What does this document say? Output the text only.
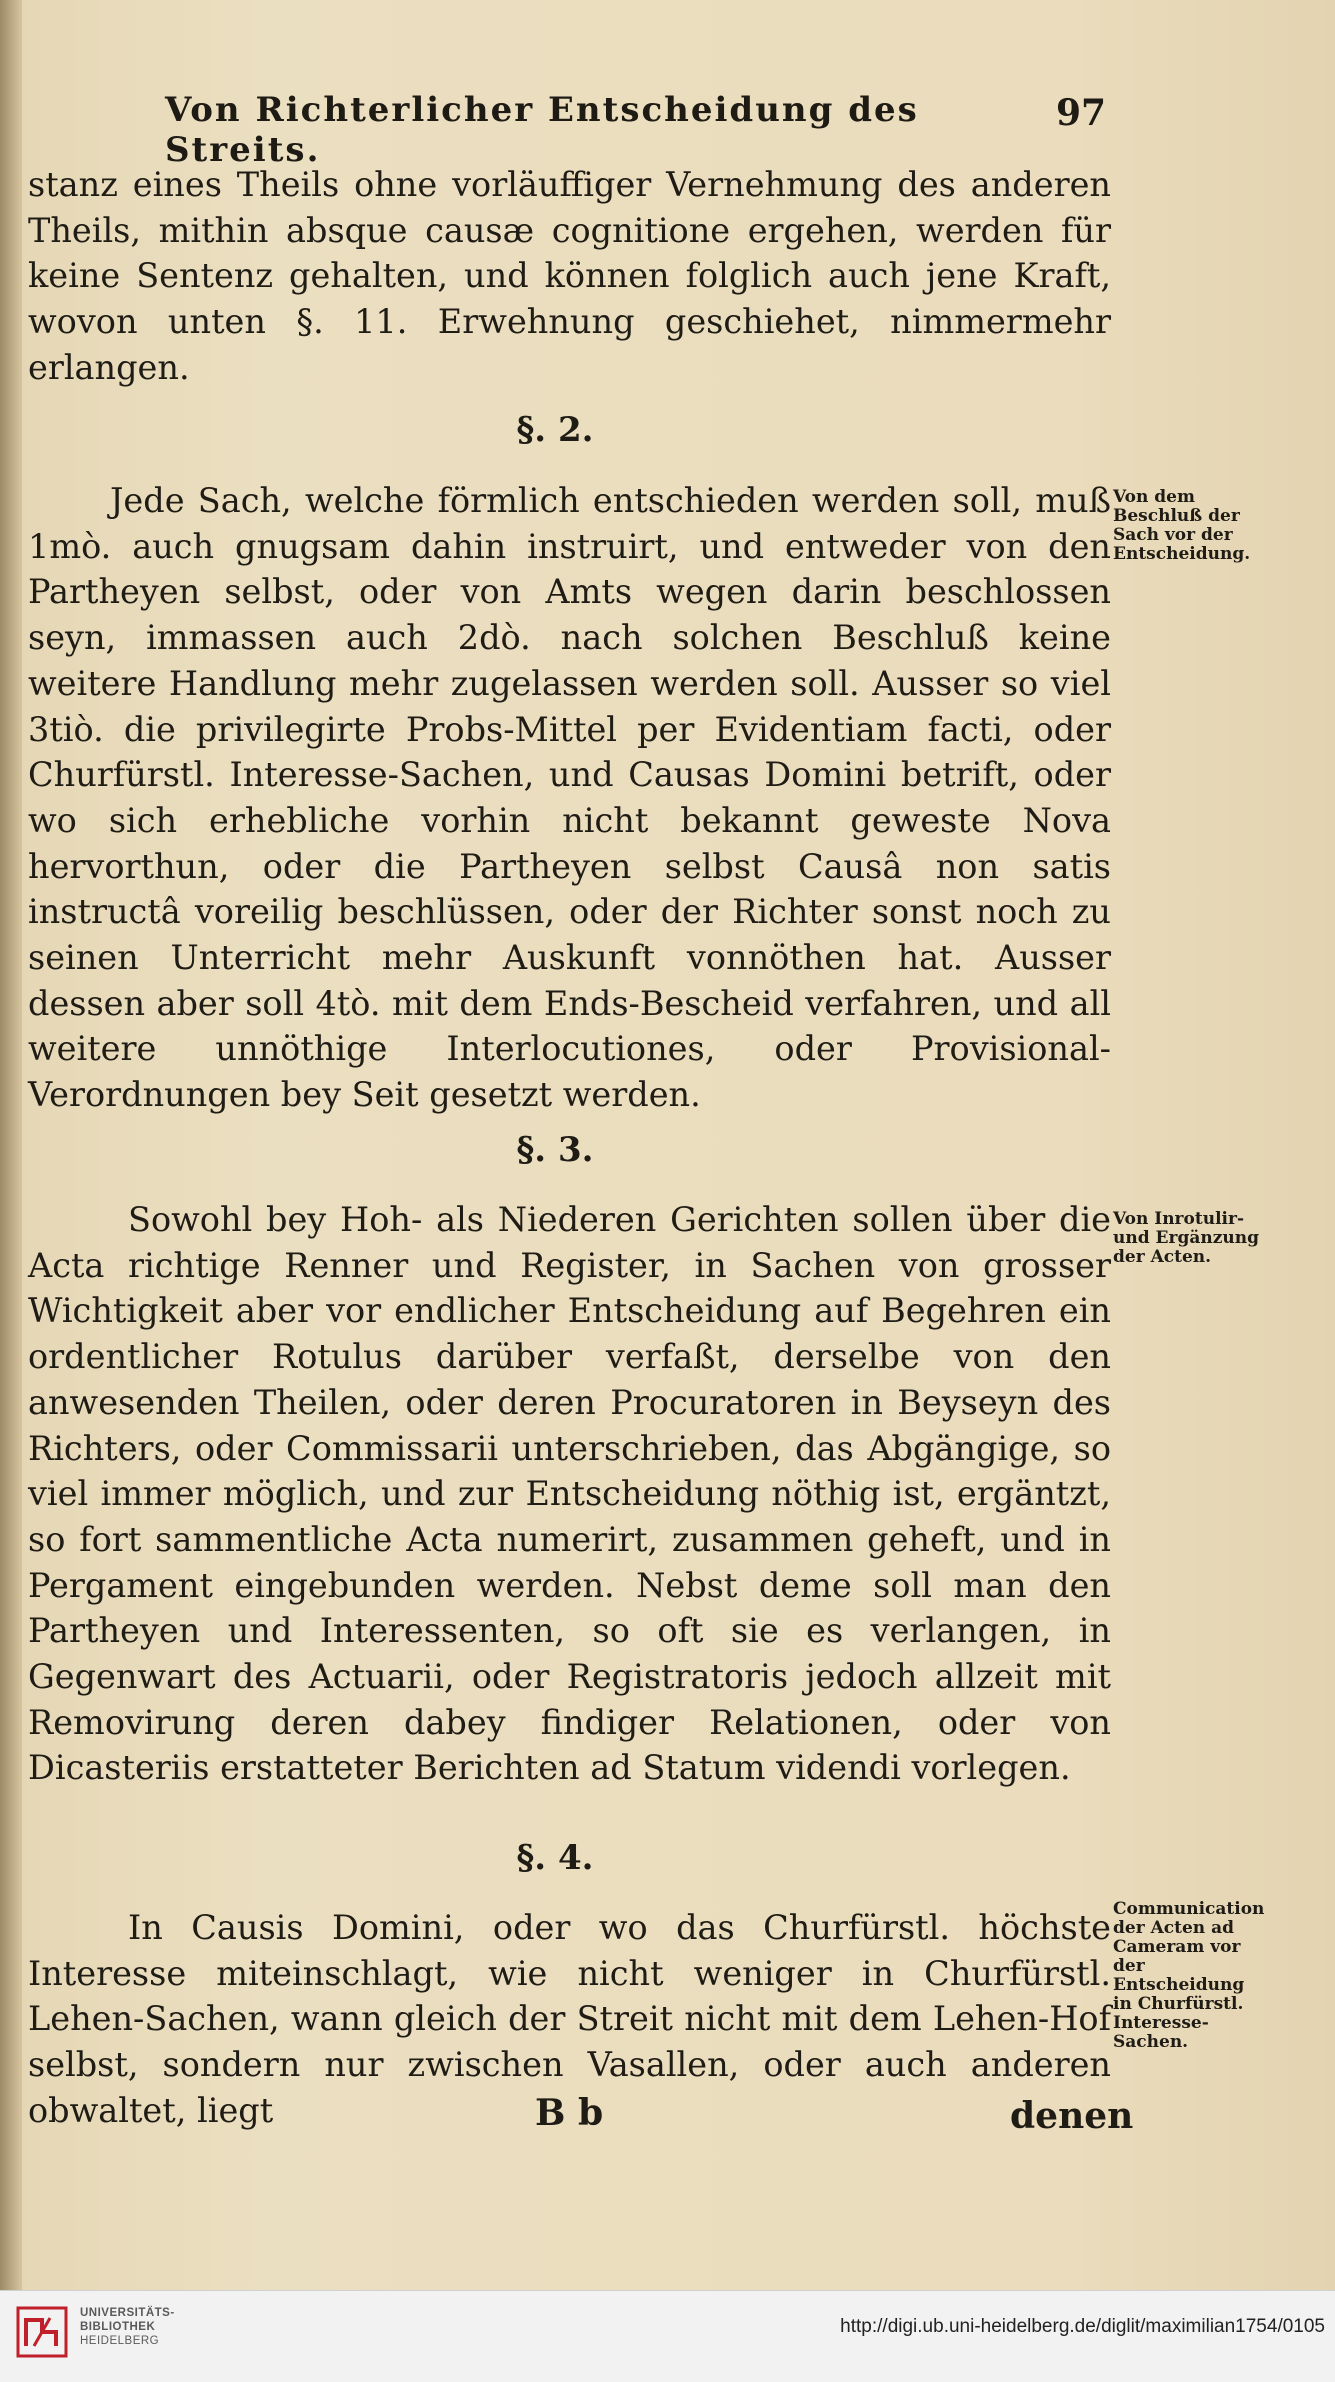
Von Richterlicher Entscheidung des Streits.
97
stanz eines Theils ohne vorläuffiger Vernehmung des anderen Theils, mithin absque causæ cognitione ergehen, werden für keine Sentenz gehalten, und können folglich auch jene Kraft, wovon unten §. 11. Erwehnung geschiehet, nimmermehr erlangen.
§. 2.
Jede Sach, welche förmlich entschieden werden soll, muß 1mò. auch gnugsam dahin instruirt, und entweder von den Partheyen selbst, oder von Amts wegen darin beschlossen seyn, immassen auch 2dò. nach solchen Beschluß keine weitere Handlung mehr zugelassen werden soll. Ausser so viel 3tiò. die privilegirte Probs-Mittel per Evidentiam facti, oder Churfürstl. Interesse-Sachen, und Causas Domini betrift, oder wo sich erhebliche vorhin nicht bekannt geweste Nova hervorthun, oder die Partheyen selbst Causâ non satis instructâ voreilig beschlüssen, oder der Richter sonst noch zu seinen Unterricht mehr Auskunft vonnöthen hat. Ausser dessen aber soll 4tò. mit dem Ends-Bescheid verfahren, und all weitere unnöthige Interlocutiones, oder Provisional-Verordnungen bey Seit gesetzt werden.
Von dem Beschluß der Sach vor der Entscheidung.
§. 3.
Sowohl bey Hoh- als Niederen Gerichten sollen über die Acta richtige Renner und Register, in Sachen von grosser Wichtigkeit aber vor endlicher Entscheidung auf Begehren ein ordentlicher Rotulus darüber verfaßt, derselbe von den anwesenden Theilen, oder deren Procuratoren in Beyseyn des Richters, oder Commissarii unterschrieben, das Abgängige, so viel immer möglich, und zur Entscheidung nöthig ist, ergäntzt, so fort sammentliche Acta numerirt, zusammen geheft, und in Pergament eingebunden werden. Nebst deme soll man den Partheyen und Interessenten, so oft sie es verlangen, in Gegenwart des Actuarii, oder Registratoris jedoch allzeit mit Removirung deren dabey findiger Relationen, oder von Dicasteriis erstatteter Berichten ad Statum videndi vorlegen.
Von Inrotulir- und Ergänzung der Acten.
§. 4.
In Causis Domini, oder wo das Churfürstl. höchste Interesse miteinschlagt, wie nicht weniger in Churfürstl. Lehen-Sachen, wann gleich der Streit nicht mit dem Lehen-Hof selbst, sondern nur zwischen Vasallen, oder auch anderen obwaltet, liegt
Communication der Acten ad Cameram vor der Entscheidung in Churfürstl. Interesse-Sachen.
B b	denen
UNIVERSITÄTS-
BIBLIOTHEK
HEIDELBERG
http://digi.ub.uni-heidelberg.de/diglit/maximilian1754/0105
